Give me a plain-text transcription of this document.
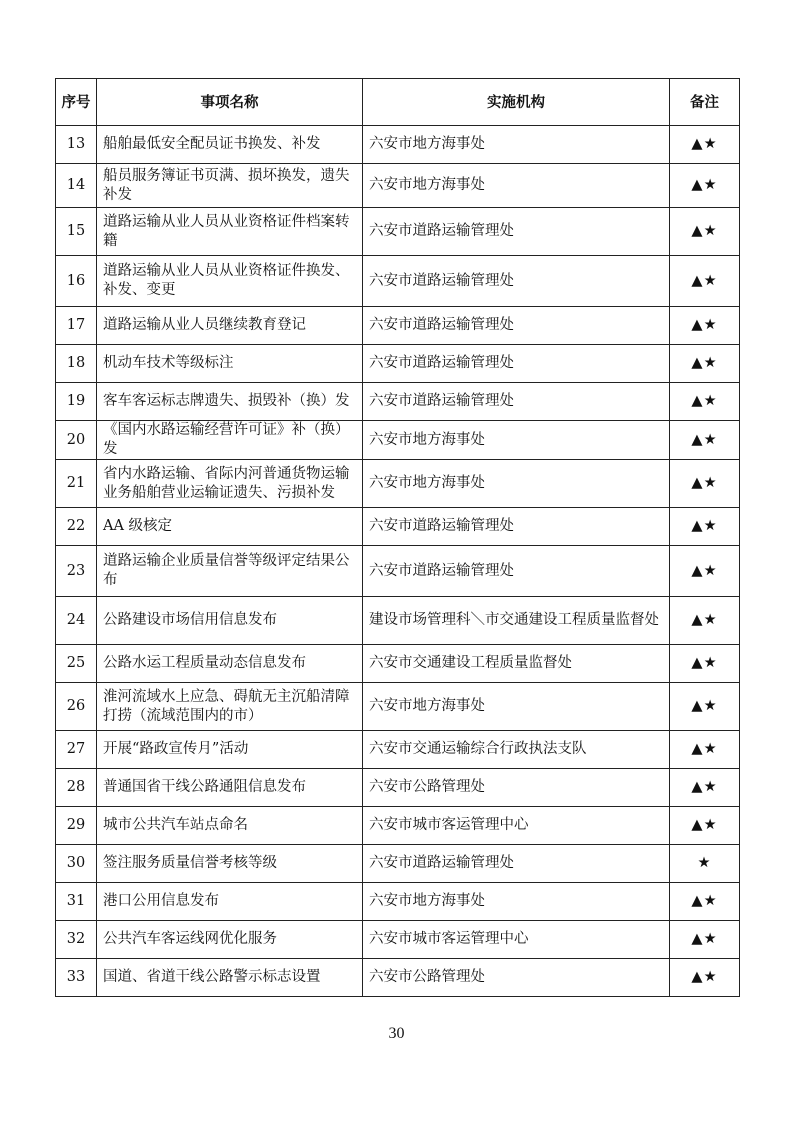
序号	事项名称	实施机构	备注
13	船舶最低安全配员证书换发、补发	六安市地方海事处	▲★
14	船员服务簿证书页满、损坏换发，遗失补发	六安市地方海事处	▲★
15	道路运输从业人员从业资格证件档案转籍	六安市道路运输管理处	▲★
16	道路运输从业人员从业资格证件换发、补发、变更	六安市道路运输管理处	▲★
17	道路运输从业人员继续教育登记	六安市道路运输管理处	▲★
18	机动车技术等级标注	六安市道路运输管理处	▲★
19	客车客运标志牌遗失、损毁补（换）发	六安市道路运输管理处	▲★
20	《国内水路运输经营许可证》补（换）发	六安市地方海事处	▲★
21	省内水路运输、省际内河普通货物运输业务船舶营业运输证遗失、污损补发	六安市地方海事处	▲★
22	AA 级核定	六安市道路运输管理处	▲★
23	道路运输企业质量信誉等级评定结果公布	六安市道路运输管理处	▲★
24	公路建设市场信用信息发布	建设市场管理科＼市交通建设工程质量监督处	▲★
25	公路水运工程质量动态信息发布	六安市交通建设工程质量监督处	▲★
26	淮河流域水上应急、碍航无主沉船清障打捞（流域范围内的市）	六安市地方海事处	▲★
27	开展“路政宣传月”活动	六安市交通运输综合行政执法支队	▲★
28	普通国省干线公路通阻信息发布	六安市公路管理处	▲★
29	城市公共汽车站点命名	六安市城市客运管理中心	▲★
30	签注服务质量信誉考核等级	六安市道路运输管理处	★
31	港口公用信息发布	六安市地方海事处	▲★
32	公共汽车客运线网优化服务	六安市城市客运管理中心	▲★
33	国道、省道干线公路警示标志设置	六安市公路管理处	▲★
30
